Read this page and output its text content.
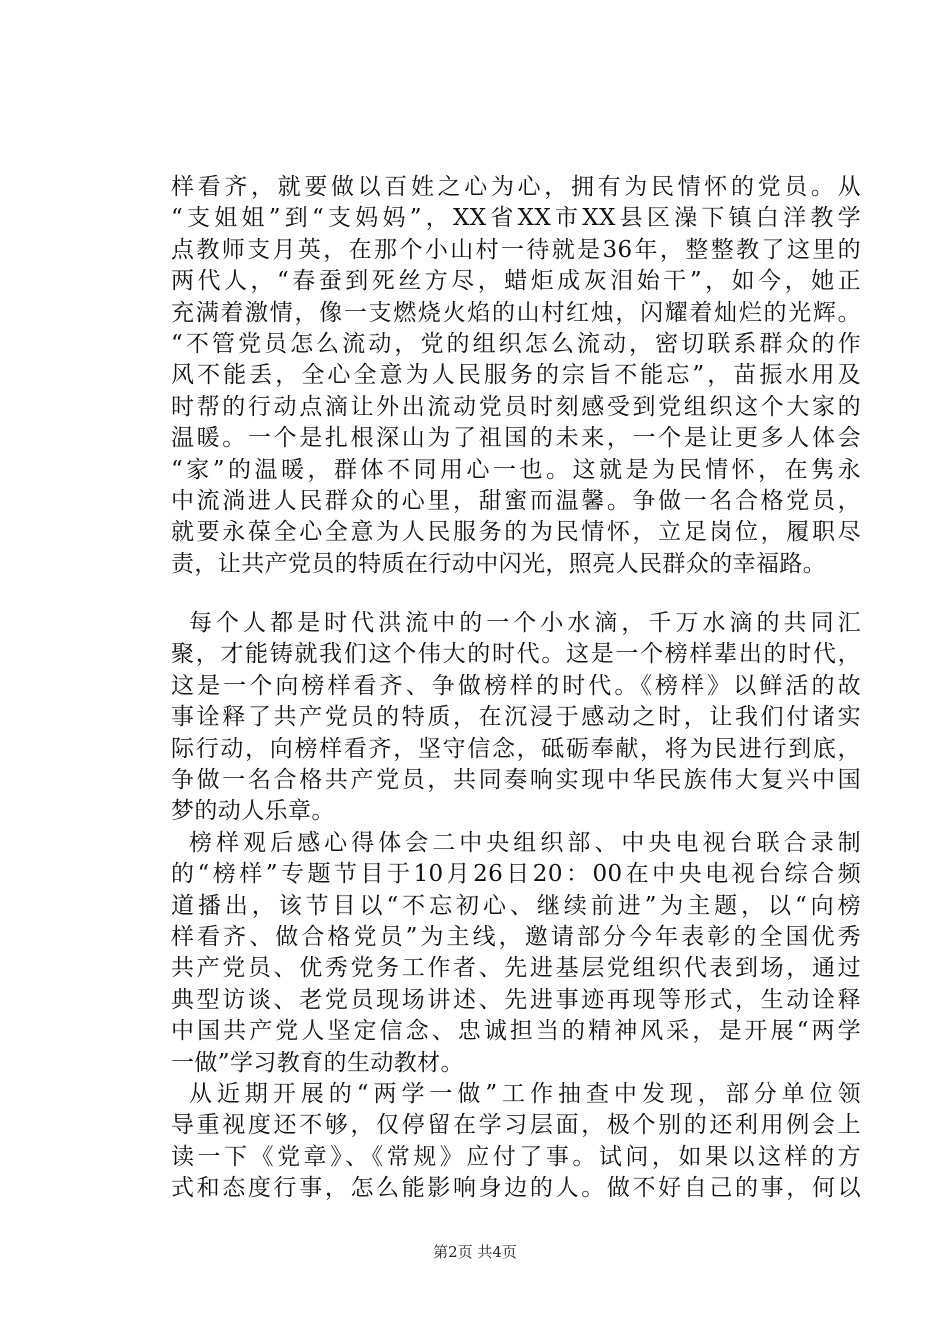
样看齐，就要做以百姓之心为心，拥有为民情怀的党员。从
“支姐姐”到“支妈妈”，XX省XX市XX县区澡下镇白洋教学
点教师支月英，在那个小山村一待就是36年，整整教了这里的
两代人，“春蚕到死丝方尽，蜡炬成灰泪始干”，如今，她正
充满着激情，像一支燃烧火焰的山村红烛，闪耀着灿烂的光辉。
“不管党员怎么流动，党的组织怎么流动，密切联系群众的作
风不能丢，全心全意为人民服务的宗旨不能忘”，苗振水用及
时帮的行动点滴让外出流动党员时刻感受到党组织这个大家的
温暖。一个是扎根深山为了祖国的未来，一个是让更多人体会
“家”的温暖，群体不同用心一也。这就是为民情怀，在隽永
中流淌进人民群众的心里，甜蜜而温馨。争做一名合格党员，
就要永葆全心全意为人民服务的为民情怀，立足岗位，履职尽
责，让共产党员的特质在行动中闪光，照亮人民群众的幸福路。
每个人都是时代洪流中的一个小水滴，千万水滴的共同汇
聚，才能铸就我们这个伟大的时代。这是一个榜样辈出的时代，
这是一个向榜样看齐、争做榜样的时代。《榜样》以鲜活的故
事诠释了共产党员的特质，在沉浸于感动之时，让我们付诸实
际行动，向榜样看齐，坚守信念，砥砺奉献，将为民进行到底，
争做一名合格共产党员，共同奏响实现中华民族伟大复兴中国
梦的动人乐章。
榜样观后感心得体会二中央组织部、中央电视台联合录制
的“榜样”专题节目于10月26日20：00在中央电视台综合频
道播出，该节目以“不忘初心、继续前进”为主题，以“向榜
样看齐、做合格党员”为主线，邀请部分今年表彰的全国优秀
共产党员、优秀党务工作者、先进基层党组织代表到场，通过
典型访谈、老党员现场讲述、先进事迹再现等形式，生动诠释
中国共产党人坚定信念、忠诚担当的精神风采，是开展“两学
一做”学习教育的生动教材。
从近期开展的“两学一做”工作抽查中发现，部分单位领
导重视度还不够，仅停留在学习层面，极个别的还利用例会上
读一下《党章》、《常规》应付了事。试问，如果以这样的方
式和态度行事，怎么能影响身边的人。做不好自己的事，何以
第2页 共4页
